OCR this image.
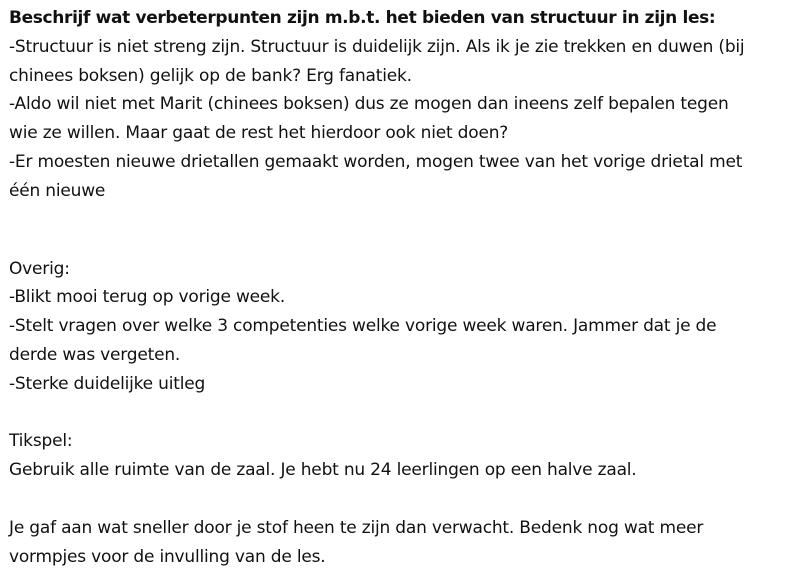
Beschrijf wat verbeterpunten zijn m.b.t. het bieden van structuur in zijn les:
-Structuur is niet streng zijn. Structuur is duidelijk zijn. Als ik je zie trekken en duwen (bij
chinees boksen) gelijk op de bank? Erg fanatiek.
-Aldo wil niet met Marit (chinees boksen) dus ze mogen dan ineens zelf bepalen tegen
wie ze willen. Maar gaat de rest het hierdoor ook niet doen?
-Er moesten nieuwe drietallen gemaakt worden, mogen twee van het vorige drietal met
één nieuwe
Overig:
-Blikt mooi terug op vorige week.
-Stelt vragen over welke 3 competenties welke vorige week waren. Jammer dat je de
derde was vergeten.
-Sterke duidelijke uitleg
Tikspel:
Gebruik alle ruimte van de zaal. Je hebt nu 24 leerlingen op een halve zaal.
Je gaf aan wat sneller door je stof heen te zijn dan verwacht. Bedenk nog wat meer
vormpjes voor de invulling van de les.
